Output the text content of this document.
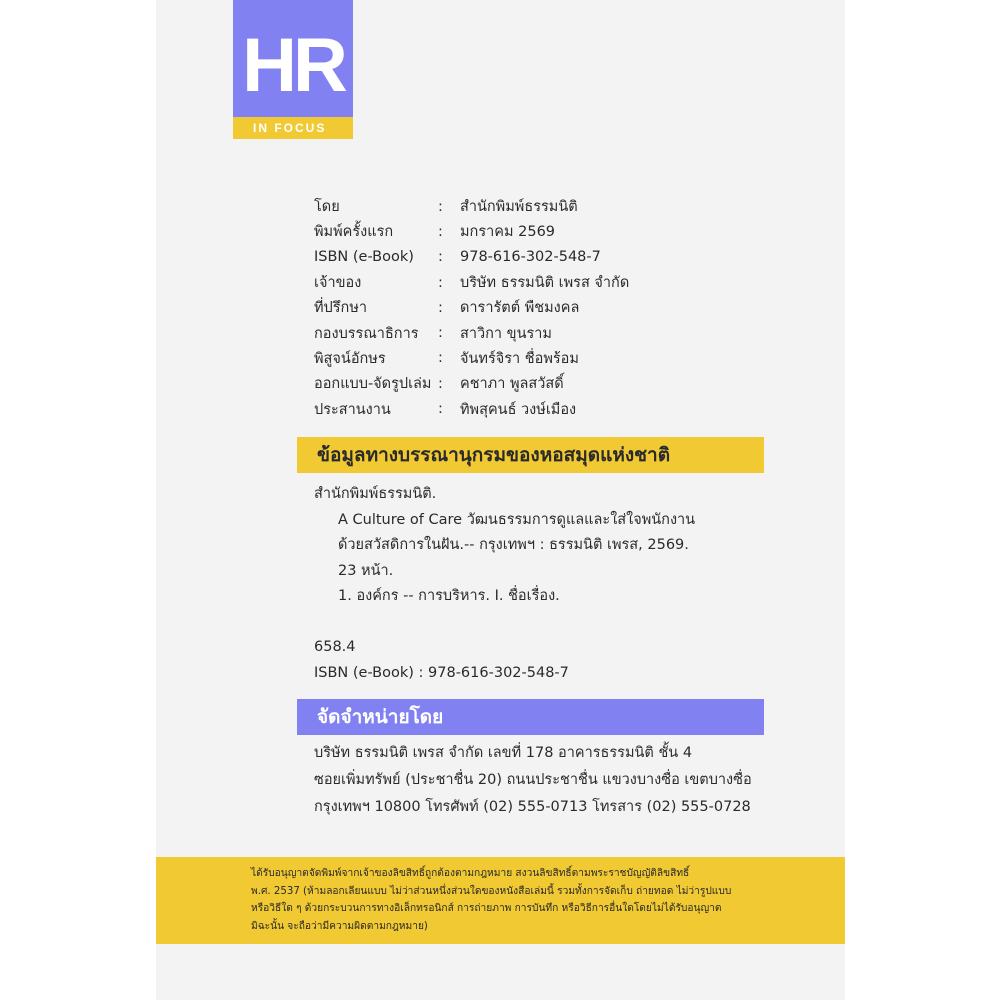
HR
IN FOCUS
โดย	:	สำนักพิมพ์ธรรมนิติ
พิมพ์ครั้งแรก	:	มกราคม 2569
ISBN (e-Book)	:	978-616-302-548-7
เจ้าของ	:	บริษัท ธรรมนิติ เพรส จำกัด
ที่ปรึกษา	:	ดารารัตต์ พืชมงคล
กองบรรณาธิการ	:	สาวิกา ขุนราม
พิสูจน์อักษร	:	จันทร์จิรา ชื่อพร้อม
ออกแบบ-จัดรูปเล่ม :	คชาภา พูลสวัสดิ์
ประสานงาน	:	ทิพสุคนธ์ วงษ์เมือง
ข้อมูลทางบรรณานุกรมของหอสมุดแห่งชาติ
สำนักพิมพ์ธรรมนิติ.
A Culture of Care วัฒนธรรมการดูแลและใส่ใจพนักงาน
ด้วยสวัสดิการในฝัน.-- กรุงเทพฯ : ธรรมนิติ เพรส, 2569.
23 หน้า.
1. องค์กร -- การบริหาร. I. ชื่อเรื่อง.
658.4
ISBN (e-Book) : 978-616-302-548-7
จัดจำหน่ายโดย
บริษัท ธรรมนิติ เพรส จำกัด เลขที่ 178 อาคารธรรมนิติ ชั้น 4
ซอยเพิ่มทรัพย์ (ประชาชื่น 20) ถนนประชาชื่น แขวงบางซื่อ เขตบางซื่อ
กรุงเทพฯ 10800 โทรศัพท์ (02) 555-0713 โทรสาร (02) 555-0728
ได้รับอนุญาตจัดพิมพ์จากเจ้าของลิขสิทธิ์ถูกต้องตามกฎหมาย สงวนลิขสิทธิ์ตามพระราชบัญญัติลิขสิทธิ์
พ.ศ. 2537 (ห้ามลอกเลียนแบบ ไม่ว่าส่วนหนึ่งส่วนใดของหนังสือเล่มนี้ รวมทั้งการจัดเก็บ ถ่ายทอด ไม่ว่ารูปแบบ
หรือวิธีใด ๆ ด้วยกระบวนการทางอิเล็กทรอนิกส์ การถ่ายภาพ การบันทึก หรือวิธีการอื่นใดโดยไม่ได้รับอนุญาต
มิฉะนั้น จะถือว่ามีความผิดตามกฎหมาย)
